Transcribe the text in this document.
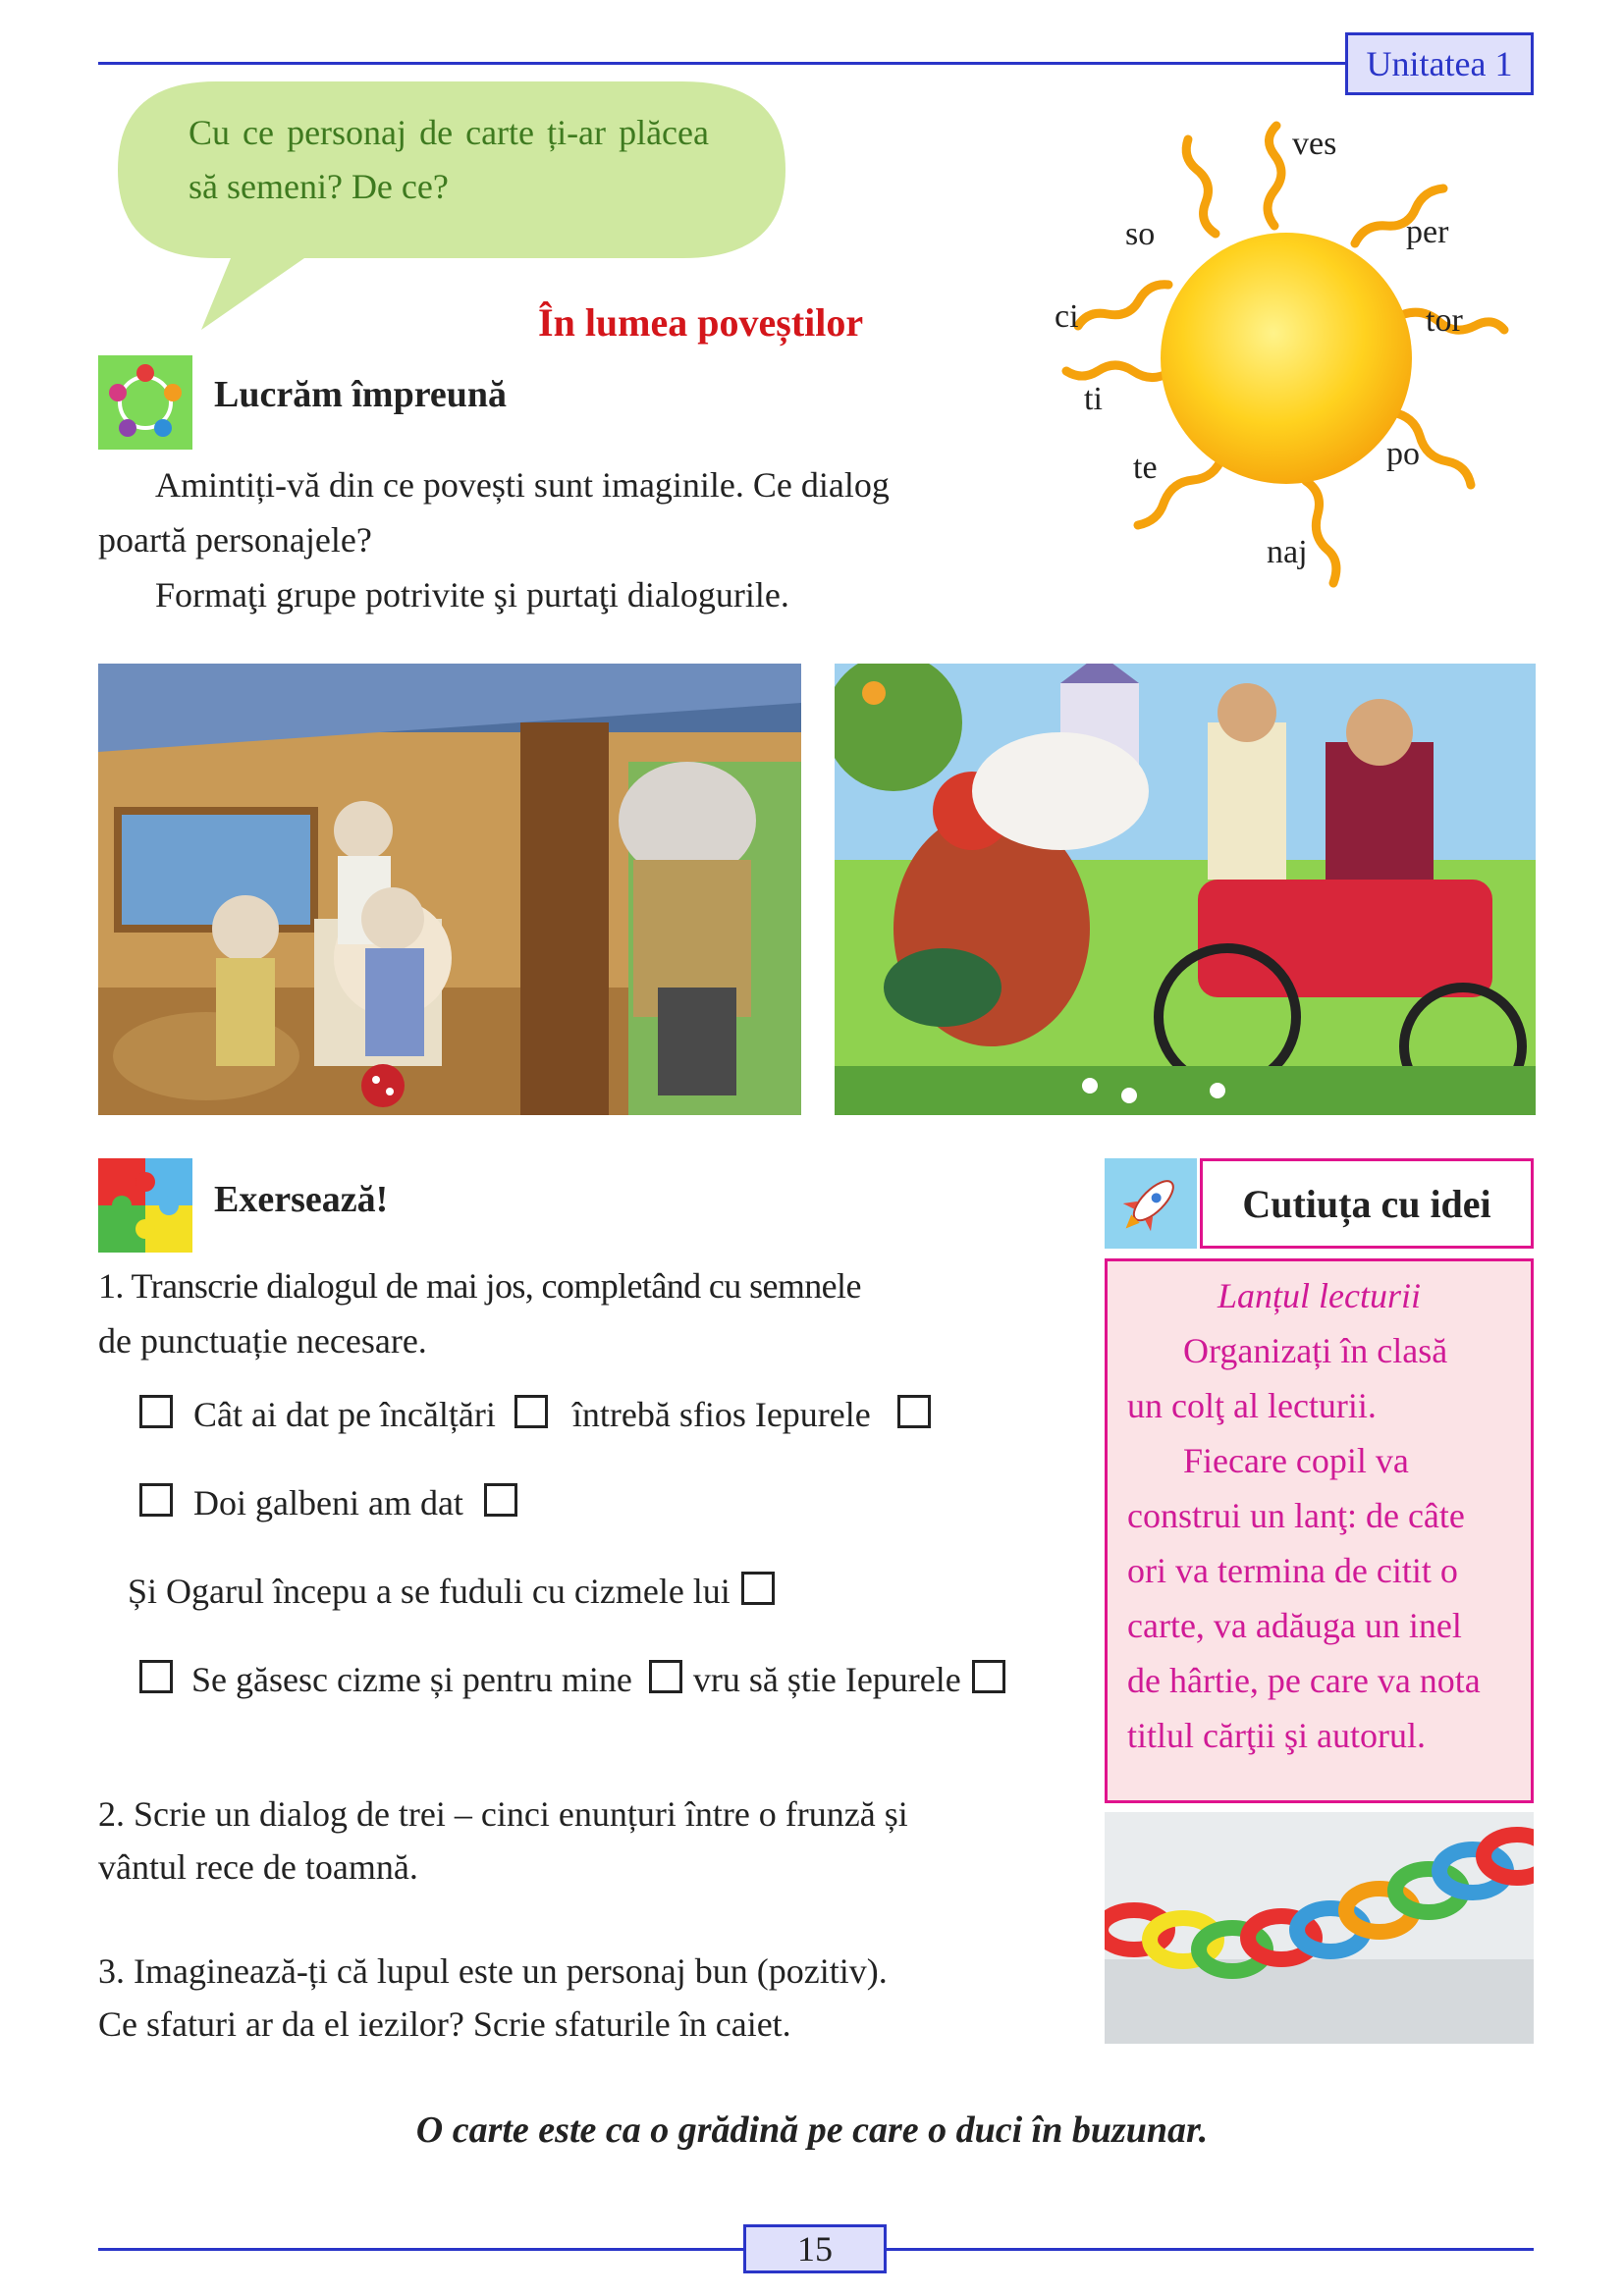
Unitatea 1
Cu ce personaj de carte ți-ar plăcea să semeni? De ce?
În lumea poveștilor
ves
per
tor
po
naj
te
ti
ci
so
Lucrăm împreună
Amintiți-vă din ce povești sunt imaginile. Ce dialog
poartă personajele?
Formaţi grupe potrivite şi purtaţi dialogurile.
Exersează!
1. Transcrie dialogul de mai jos, completând cu semnele
de punctuație necesare.
Cât ai dat pe încălțări întrebă sfios Iepurele
Doi galbeni am dat
Și Ogarul începu a se fuduli cu cizmele lui
Se găsesc cizme și pentru mine vru să știe Iepurele
2. Scrie un dialog de trei – cinci enunțuri între o frunză și
vântul rece de toamnă.
3. Imaginează-ți că lupul este un personaj bun (pozitiv).
Ce sfaturi ar da el iezilor? Scrie sfaturile în caiet.
Cutiuța cu idei
Lanțul lecturii
Organizați în clasă
un colţ al lecturii.
Fiecare copil va
construi un lanţ: de câte
ori va termina de citit o
carte, va adăuga un inel
de hârtie, pe care va nota
titlul cărţii şi autorul.
O carte este ca o grădină pe care o duci în buzunar.
15
